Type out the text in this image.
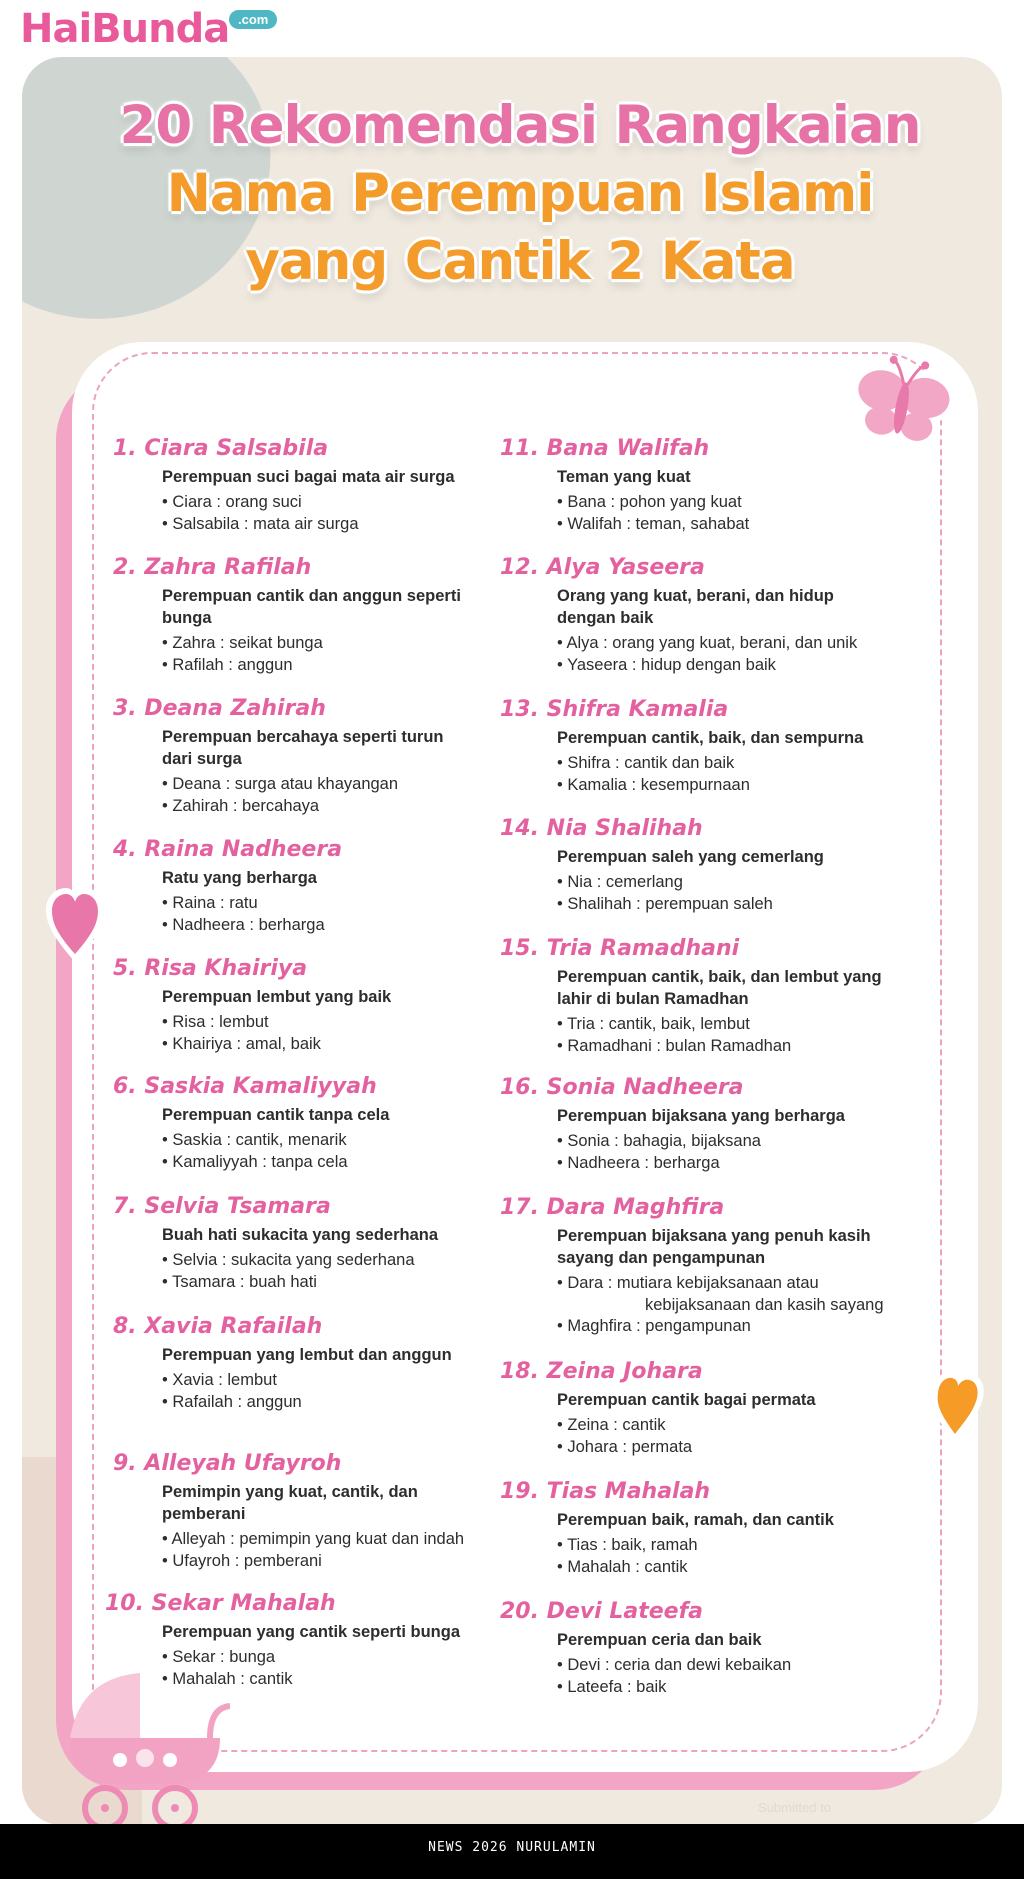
HaiBunda .com
20 Rekomendasi Rangkaian
Nama Perempuan Islami
yang Cantik 2 Kata
1. Ciara Salsabila
Perempuan suci bagai mata air surga
• Ciara : orang suci
• Salsabila : mata air surga
2. Zahra Rafilah
Perempuan cantik dan anggun seperti bunga
• Zahra : seikat bunga
• Rafilah : anggun
3. Deana Zahirah
Perempuan bercahaya seperti turun dari surga
• Deana : surga atau khayangan
• Zahirah : bercahaya
4. Raina Nadheera
Ratu yang berharga
• Raina : ratu
• Nadheera : berharga
5. Risa Khairiya
Perempuan lembut yang baik
• Risa : lembut
• Khairiya : amal, baik
6. Saskia Kamaliyyah
Perempuan cantik tanpa cela
• Saskia : cantik, menarik
• Kamaliyyah : tanpa cela
7. Selvia Tsamara
Buah hati sukacita yang sederhana
• Selvia : sukacita yang sederhana
• Tsamara : buah hati
8. Xavia Rafailah
Perempuan yang lembut dan anggun
• Xavia : lembut
• Rafailah : anggun
9. Alleyah Ufayroh
Pemimpin yang kuat, cantik, dan pemberani
• Alleyah : pemimpin yang kuat dan indah
• Ufayroh : pemberani
10. Sekar Mahalah
Perempuan yang cantik seperti bunga
• Sekar : bunga
• Mahalah : cantik
11. Bana Walifah
Teman yang kuat
• Bana : pohon yang kuat
• Walifah : teman, sahabat
12. Alya Yaseera
Orang yang kuat, berani, dan hidup dengan baik
• Alya : orang yang kuat, berani, dan unik
• Yaseera : hidup dengan baik
13. Shifra Kamalia
Perempuan cantik, baik, dan sempurna
• Shifra : cantik dan baik
• Kamalia : kesempurnaan
14. Nia Shalihah
Perempuan saleh yang cemerlang
• Nia : cemerlang
• Shalihah : perempuan saleh
15. Tria Ramadhani
Perempuan cantik, baik, dan lembut yang lahir di bulan Ramadhan
• Tria : cantik, baik, lembut
• Ramadhani : bulan Ramadhan
16. Sonia Nadheera
Perempuan bijaksana yang berharga
• Sonia : bahagia, bijaksana
• Nadheera : berharga
17. Dara Maghfira
Perempuan bijaksana yang penuh kasih sayang dan pengampunan
• Dara : mutiara kebijaksanaan atau
kebijaksanaan dan kasih sayang
• Maghfira : pengampunan
18. Zeina Johara
Perempuan cantik bagai permata
• Zeina : cantik
• Johara : permata
19. Tias Mahalah
Perempuan baik, ramah, dan cantik
• Tias : baik, ramah
• Mahalah : cantik
20. Devi Lateefa
Perempuan ceria dan baik
• Devi : ceria dan dewi kebaikan
• Lateefa : baik
Submitted to
NEWS 2026 NURULAMIN
